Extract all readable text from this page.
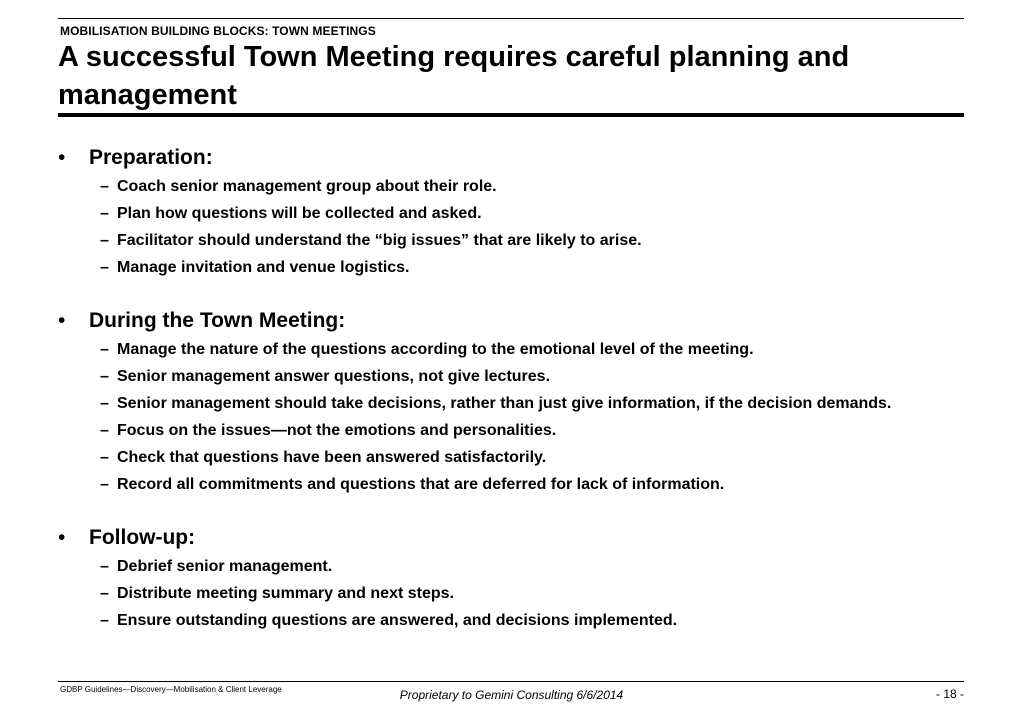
MOBILISATION BUILDING BLOCKS: TOWN MEETINGS
A successful Town Meeting requires careful planning and management
• Preparation:
– Coach senior management group about their role.
– Plan how questions will be collected and asked.
– Facilitator should understand the “big issues” that are likely to arise.
– Manage invitation and venue logistics.
• During the Town Meeting:
– Manage the nature of the questions according to the emotional level of the meeting.
– Senior management answer questions, not give lectures.
– Senior management should take decisions, rather than just give information, if the decision demands.
– Focus on the issues—not the emotions and personalities.
– Check that questions have been answered satisfactorily.
– Record all commitments and questions that are deferred for lack of information.
• Follow-up:
– Debrief senior management.
– Distribute meeting summary and next steps.
– Ensure outstanding questions are answered, and decisions implemented.
GDBP Guidelines—Discovery—Mobilisation & Client Leverage	Proprietary to Gemini Consulting 6/6/2014	- 18 -
